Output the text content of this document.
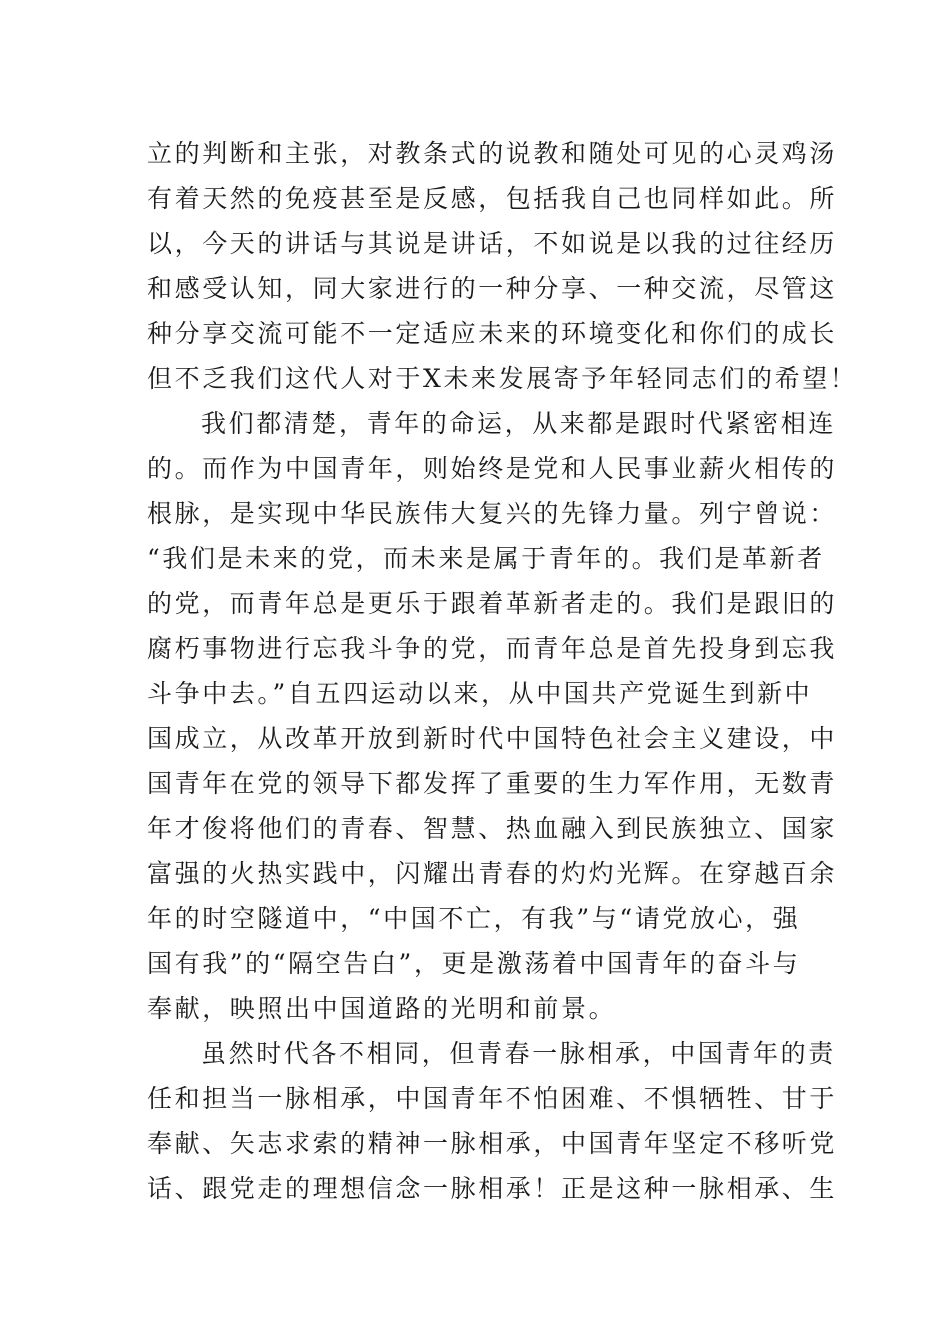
立的判断和主张，对教条式的说教和随处可见的心灵鸡汤
有着天然的免疫甚至是反感，包括我自己也同样如此。所
以，今天的讲话与其说是讲话，不如说是以我的过往经历
和感受认知，同大家进行的一种分享、一种交流，尽管这
种分享交流可能不一定适应未来的环境变化和你们的成长
但不乏我们这代人对于X未来发展寄予年轻同志们的希望！
我们都清楚，青年的命运，从来都是跟时代紧密相连
的。而作为中国青年，则始终是党和人民事业薪火相传的
根脉，是实现中华民族伟大复兴的先锋力量。列宁曾说：
“我们是未来的党，而未来是属于青年的。我们是革新者
的党，而青年总是更乐于跟着革新者走的。我们是跟旧的
腐朽事物进行忘我斗争的党，而青年总是首先投身到忘我
斗争中去。”自五四运动以来，从中国共产党诞生到新中
国成立，从改革开放到新时代中国特色社会主义建设，中
国青年在党的领导下都发挥了重要的生力军作用，无数青
年才俊将他们的青春、智慧、热血融入到民族独立、国家
富强的火热实践中，闪耀出青春的灼灼光辉。在穿越百余
年的时空隧道中，“中国不亡，有我”与“请党放心，强
国有我”的“隔空告白”，更是激荡着中国青年的奋斗与
奉献，映照出中国道路的光明和前景。
虽然时代各不相同，但青春一脉相承，中国青年的责
任和担当一脉相承，中国青年不怕困难、不惧牺牲、甘于
奉献、矢志求索的精神一脉相承，中国青年坚定不移听党
话、跟党走的理想信念一脉相承！正是这种一脉相承、生
